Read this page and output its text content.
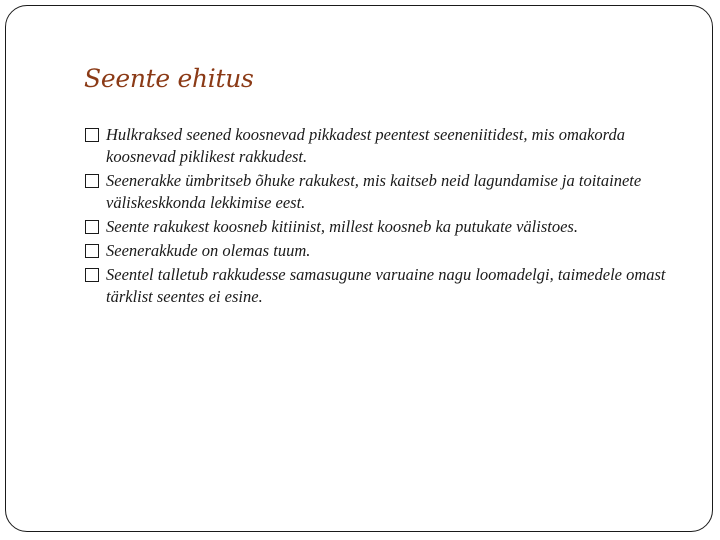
Seente ehitus
Hulkraksed seened koosnevad pikkadest peentest seeneniitidest, mis omakorda koosnevad piklikest rakkudest.
Seenerakke ümbritseb õhuke rakukest, mis kaitseb neid lagundamise ja toitainete väliskeskkonda lekkimise eest.
Seente rakukest koosneb kitiinist, millest koosneb ka putukate välistoes.
Seenerakkude on olemas tuum.
Seentel talletub rakkudesse samasugune varuaine nagu loomadelgi, taimedele omast tärklist seentes ei esine.
